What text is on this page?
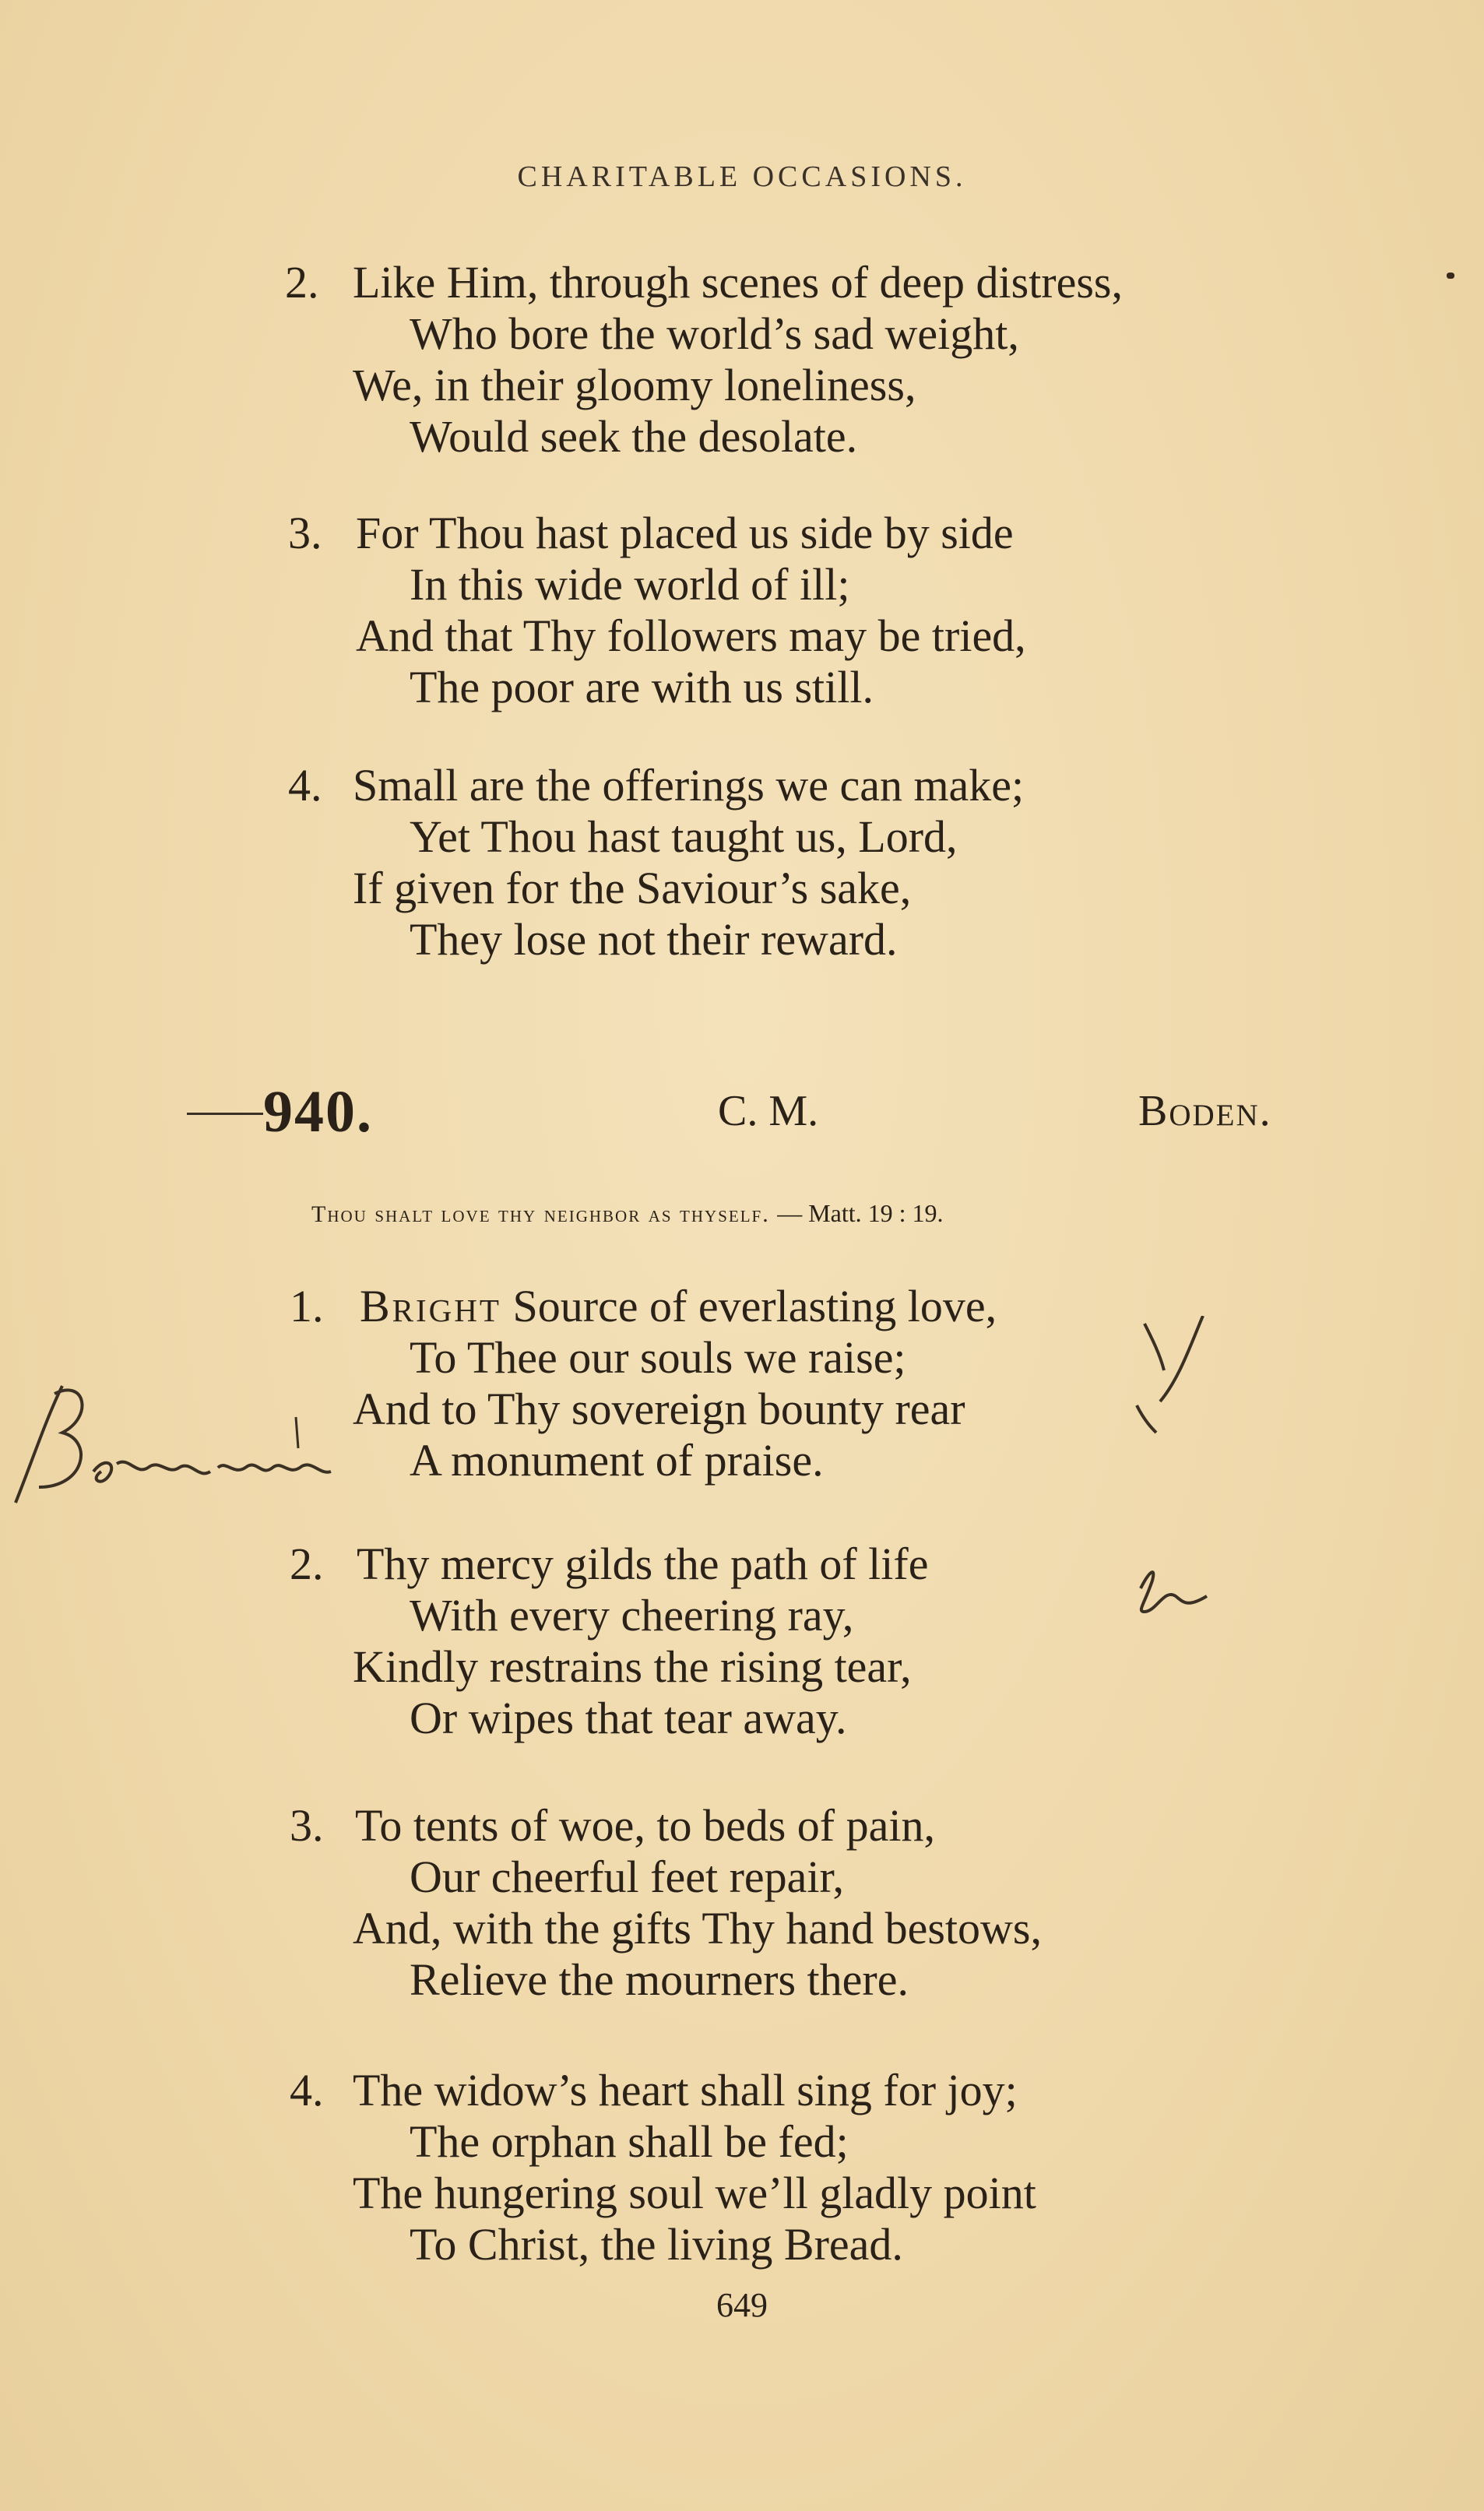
CHARITABLE OCCASIONS.
2. Like Him, through scenes of deep distress,
Who bore the world’s sad weight,
We, in their gloomy loneliness,
Would seek the desolate.
3. For Thou hast placed us side by side
In this wide world of ill;
And that Thy followers may be tried,
The poor are with us still.
4. Small are the offerings we can make;
Yet Thou hast taught us, Lord,
If given for the Saviour’s sake,
They lose not their reward.
940.	C. M.	Boden.
Thou shalt love thy neighbor as thyself. — Matt. 19 : 19.
1. Bright Source of everlasting love,
To Thee our souls we raise;
And to Thy sovereign bounty rear
A monument of praise.
2. Thy mercy gilds the path of life
With every cheering ray,
Kindly restrains the rising tear,
Or wipes that tear away.
3. To tents of woe, to beds of pain,
Our cheerful feet repair,
And, with the gifts Thy hand bestows,
Relieve the mourners there.
4. The widow’s heart shall sing for joy;
The orphan shall be fed;
The hungering soul we’ll gladly point
To Christ, the living Bread.
649
